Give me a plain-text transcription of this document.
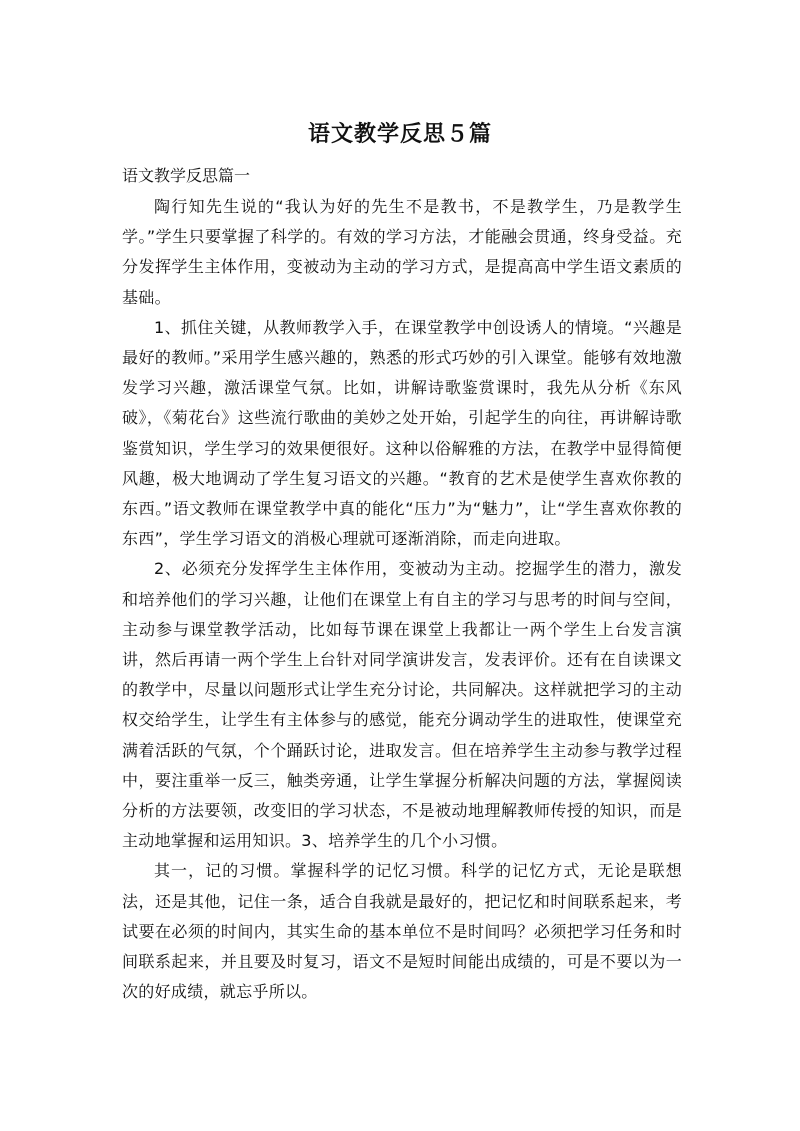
语文教学反思５篇

语文教学反思篇一

陶行知先生说的“我认为好的先生不是教书，不是教学生，乃是教学生学。”学生只要掌握了科学的。有效的学习方法，才能融会贯通，终身受益。充分发挥学生主体作用，变被动为主动的学习方式，是提高高中学生语文素质的基础。

1、抓住关键，从教师教学入手，在课堂教学中创设诱人的情境。“兴趣是最好的教师。”采用学生感兴趣的，熟悉的形式巧妙的引入课堂。能够有效地激发学习兴趣，激活课堂气氛。比如，讲解诗歌鉴赏课时，我先从分析《东风破》，《菊花台》这些流行歌曲的美妙之处开始，引起学生的向往，再讲解诗歌鉴赏知识，学生学习的效果便很好。这种以俗解雅的方法，在教学中显得简便风趣，极大地调动了学生复习语文的兴趣。“教育的艺术是使学生喜欢你教的东西。”语文教师在课堂教学中真的能化“压力”为“魅力”，让“学生喜欢你教的东西”，学生学习语文的消极心理就可逐渐消除，而走向进取。

2、必须充分发挥学生主体作用，变被动为主动。挖掘学生的潜力，激发和培养他们的学习兴趣，让他们在课堂上有自主的学习与思考的时间与空间，主动参与课堂教学活动，比如每节课在课堂上我都让一两个学生上台发言演讲，然后再请一两个学生上台针对同学演讲发言，发表评价。还有在自读课文的教学中，尽量以问题形式让学生充分讨论，共同解决。这样就把学习的主动权交给学生，让学生有主体参与的感觉，能充分调动学生的进取性，使课堂充满着活跃的气氛，个个踊跃讨论，进取发言。但在培养学生主动参与教学过程中，要注重举一反三，触类旁通，让学生掌握分析解决问题的方法，掌握阅读分析的方法要领，改变旧的学习状态，不是被动地理解教师传授的知识，而是主动地掌握和运用知识。3、培养学生的几个小习惯。

其一，记的习惯。掌握科学的记忆习惯。科学的记忆方式，无论是联想法，还是其他，记住一条，适合自我就是最好的，把记忆和时间联系起来，考试要在必须的时间内，其实生命的基本单位不是时间吗？必须把学习任务和时间联系起来，并且要及时复习，语文不是短时间能出成绩的，可是不要以为一次的好成绩，就忘乎所以。
